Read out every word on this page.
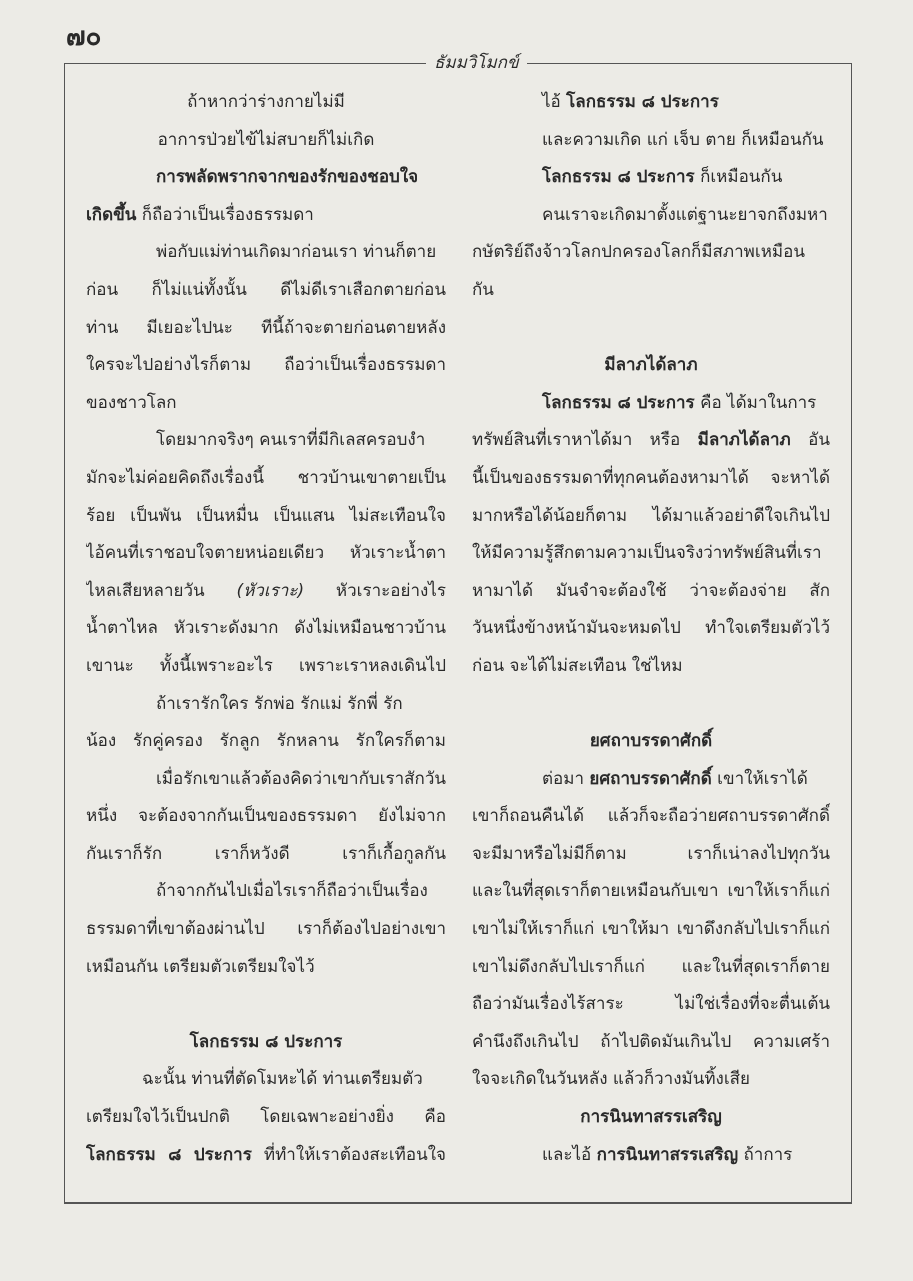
๗๐
ธัมมวิโมกข์
ถ้าหากว่าร่างกายไม่มี
อาการป่วยไข้ไม่สบายก็ไม่เกิด
การพลัดพรากจากของรักของชอบใจ
เกิดขึ้น ก็ถือว่าเป็นเรื่องธรรมดา
พ่อกับแม่ท่านเกิดมาก่อนเรา ท่านก็ตาย
ก่อน ก็ไม่แน่ทั้งนั้น ดีไม่ดีเราเสือกตายก่อน
ท่าน มีเยอะไปนะ ทีนี้ถ้าจะตายก่อนตายหลัง
ใครจะไปอย่างไรก็ตาม ถือว่าเป็นเรื่องธรรมดา
ของชาวโลก
โดยมากจริงๆ คนเราที่มีกิเลสครอบงำ
มักจะไม่ค่อยคิดถึงเรื่องนี้ ชาวบ้านเขาตายเป็น
ร้อย เป็นพัน เป็นหมื่น เป็นแสน ไม่สะเทือนใจ
ไอ้คนที่เราชอบใจตายหน่อยเดียว หัวเราะน้ำตา
ไหลเสียหลายวัน (หัวเราะ) หัวเราะอย่างไร
น้ำตาไหล หัวเราะดังมาก ดังไม่เหมือนชาวบ้าน
เขานะ ทั้งนี้เพราะอะไร เพราะเราหลงเดินไป
ถ้าเรารักใคร รักพ่อ รักแม่ รักพี่ รัก
น้อง รักคู่ครอง รักลูก รักหลาน รักใครก็ตาม
เมื่อรักเขาแล้วต้องคิดว่าเขากับเราสักวัน
หนึ่ง จะต้องจากกันเป็นของธรรมดา ยังไม่จาก
กันเราก็รัก เราก็หวังดี เราก็เกื้อกูลกัน
ถ้าจากกันไปเมื่อไรเราก็ถือว่าเป็นเรื่อง
ธรรมดาที่เขาต้องผ่านไป เราก็ต้องไปอย่างเขา
เหมือนกัน เตรียมตัวเตรียมใจไว้
โลกธรรม ๘ ประการ
ฉะนั้น ท่านที่ตัดโมหะได้ ท่านเตรียมตัว
เตรียมใจไว้เป็นปกติ โดยเฉพาะอย่างยิ่ง คือ
โลกธรรม ๘ ประการ ที่ทำให้เราต้องสะเทือนใจ
ไอ้ โลกธรรม ๘ ประการ
และความเกิด แก่ เจ็บ ตาย ก็เหมือนกัน
โลกธรรม ๘ ประการ ก็เหมือนกัน
คนเราจะเกิดมาตั้งแต่ฐานะยาจกถึงมหา
กษัตริย์ถึงจ้าวโลกปกครองโลกก็มีสภาพเหมือน
กัน
มีลาภได้ลาภ
โลกธรรม ๘ ประการ คือ ได้มาในการ
ทรัพย์สินที่เราหาได้มา หรือ มีลาภได้ลาภ อัน
นี้เป็นของธรรมดาที่ทุกคนต้องหามาได้ จะหาได้
มากหรือได้น้อยก็ตาม ได้มาแล้วอย่าดีใจเกินไป
ให้มีความรู้สึกตามความเป็นจริงว่าทรัพย์สินที่เรา
หามาได้ มันจำจะต้องใช้ ว่าจะต้องจ่าย สัก
วันหนึ่งข้างหน้ามันจะหมดไป ทำใจเตรียมตัวไว้
ก่อน จะได้ไม่สะเทือน ใช่ไหม
ยศถาบรรดาศักดิ์
ต่อมา ยศถาบรรดาศักดิ์ เขาให้เราได้
เขาก็ถอนคืนได้ แล้วก็จะถือว่ายศถาบรรดาศักดิ์
จะมีมาหรือไม่มีก็ตาม เราก็เน่าลงไปทุกวัน
และในที่สุดเราก็ตายเหมือนกับเขา เขาให้เราก็แก่
เขาไม่ให้เราก็แก่ เขาให้มา เขาดึงกลับไปเราก็แก่
เขาไม่ดึงกลับไปเราก็แก่ และในที่สุดเราก็ตาย
ถือว่ามันเรื่องไร้สาระ ไม่ใช่เรื่องที่จะตื่นเต้น
คำนึงถึงเกินไป ถ้าไปติดมันเกินไป ความเศร้า
ใจจะเกิดในวันหลัง แล้วก็วางมันทิ้งเสีย
การนินทาสรรเสริญ
และไอ้ การนินทาสรรเสริญ ถ้าการ
